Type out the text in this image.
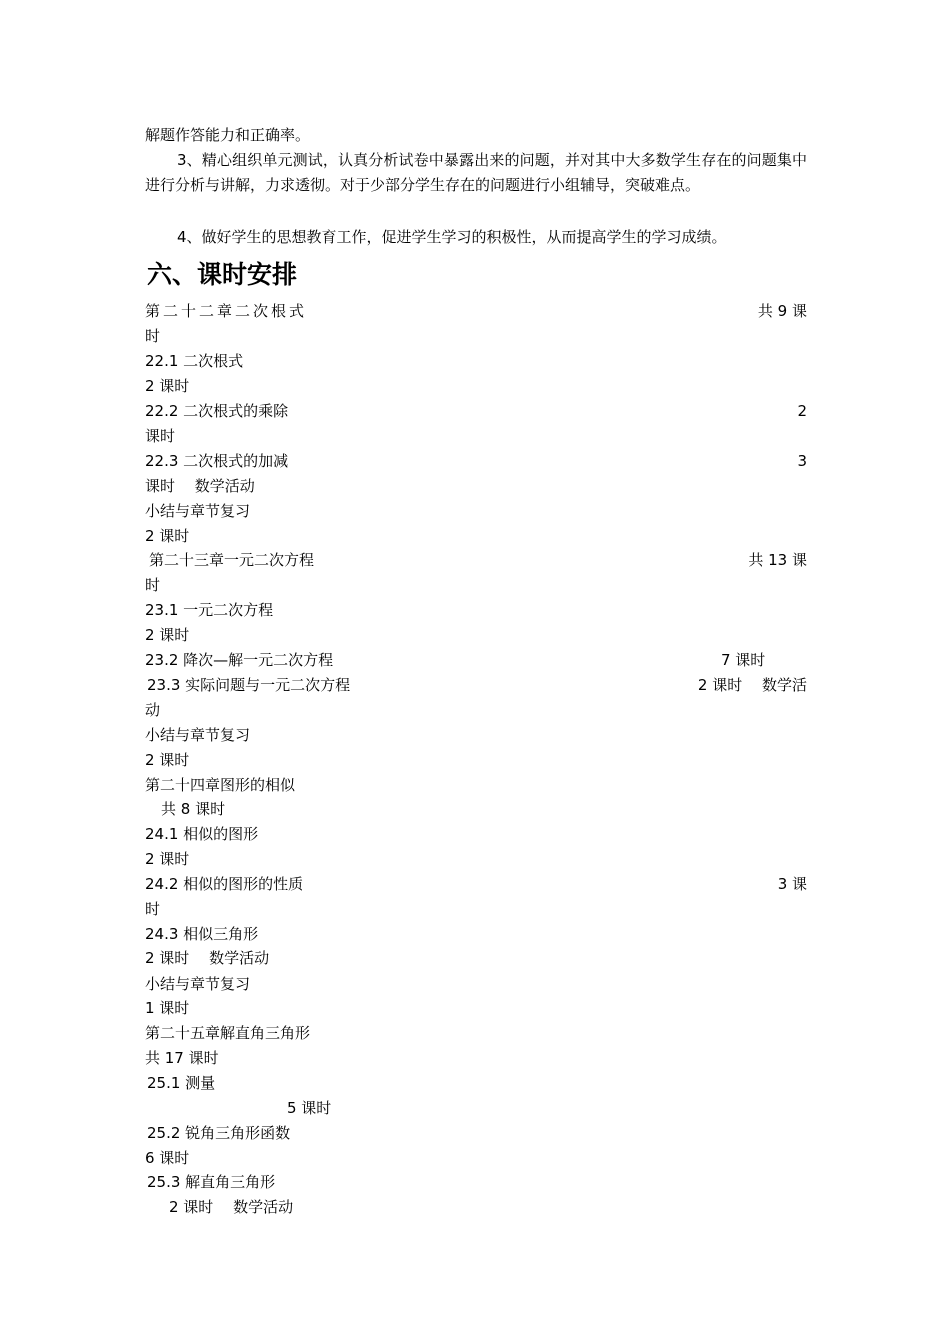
解题作答能力和正确率。
3、精心组织单元测试，认真分析试卷中暴露出来的问题，并对其中大多数学生存在的问题集中进行分析与讲解，力求透彻。对于少部分学生存在的问题进行小组辅导，突破难点。
4、做好学生的思想教育工作，促进学生学习的积极性，从而提高学生的学习成绩。
六、课时安排
第二十二章二次根式	共 9 课
时
22.1 二次根式
2 课时
22.2 二次根式的乘除	2
课时
22.3 二次根式的加减	3
课时　 数学活动
小结与章节复习
2 课时
第二十三章一元二次方程	共 13 课
时
23.1 一元二次方程
2 课时
23.2 降次—解一元二次方程	7 课时
23.3 实际问题与一元二次方程	2 课时　 数学活
动
小结与章节复习
2 课时
第二十四章图形的相似
共 8 课时
24.1 相似的图形
2 课时
24.2 相似的图形的性质	3 课
时
24.3 相似三角形
2 课时　 数学活动
小结与章节复习
1 课时
第二十五章解直角三角形
共 17 课时
25.1 测量
5 课时
25.2 锐角三角形函数
6 课时
25.3 解直角三角形
2 课时　 数学活动
